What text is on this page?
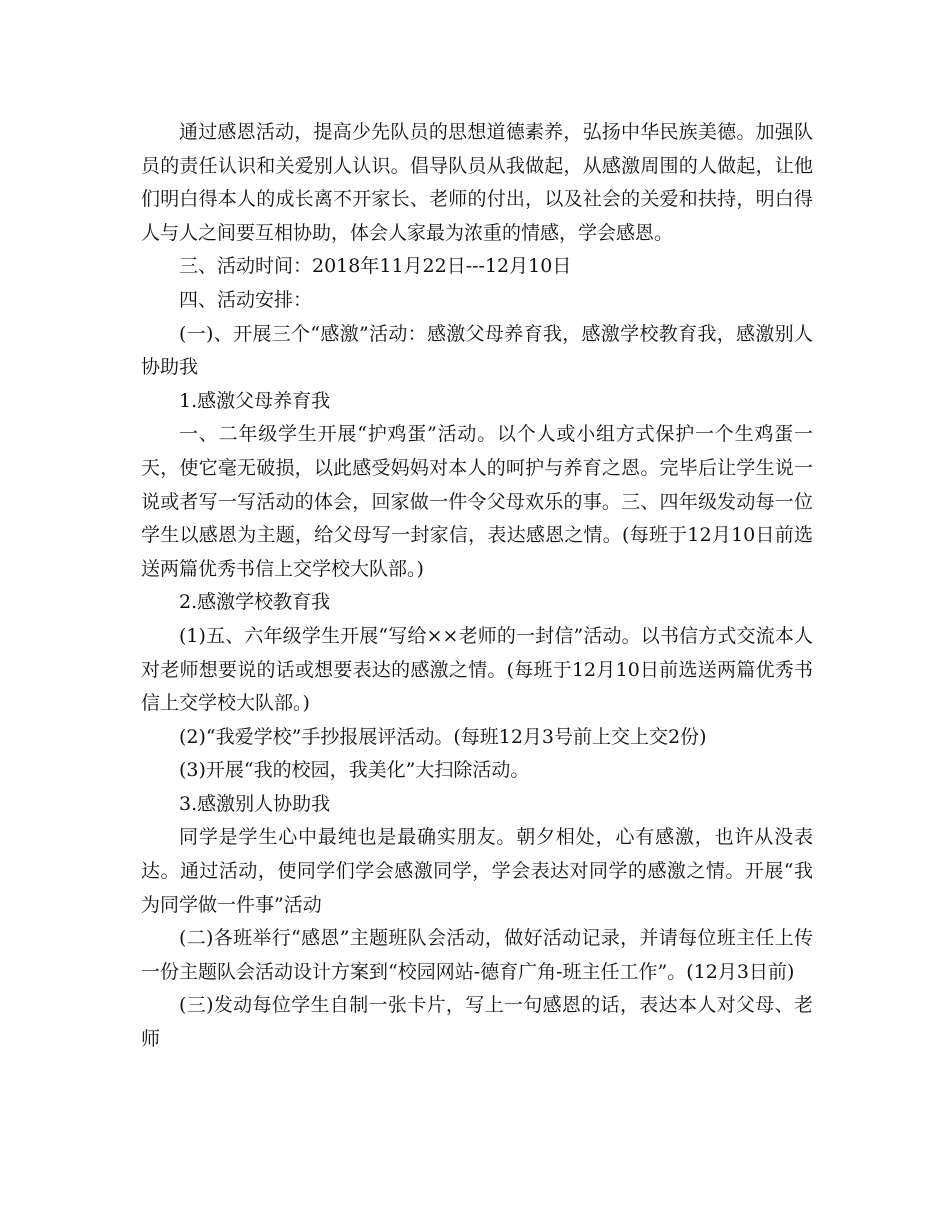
通过感恩活动，提高少先队员的思想道德素养，弘扬中华民族美德。加强队员的责任认识和关爱别人认识。倡导队员从我做起，从感激周围的人做起，让他们明白得本人的成长离不开家长、老师的付出，以及社会的关爱和扶持，明白得人与人之间要互相协助，体会人家最为浓重的情感，学会感恩。

三、活动时间：2018年11月22日---12月10日

四、活动安排：

(一)、开展三个“感激”活动：感激父母养育我，感激学校教育我，感激别人协助我

1.感激父母养育我

一、二年级学生开展“护鸡蛋”活动。以个人或小组方式保护一个生鸡蛋一天，使它毫无破损，以此感受妈妈对本人的呵护与养育之恩。完毕后让学生说一说或者写一写活动的体会，回家做一件令父母欢乐的事。三、四年级发动每一位学生以感恩为主题，给父母写一封家信，表达感恩之情。(每班于12月10日前选送两篇优秀书信上交学校大队部。)

2.感激学校教育我

(1)五、六年级学生开展“写给××老师的一封信”活动。以书信方式交流本人对老师想要说的话或想要表达的感激之情。(每班于12月10日前选送两篇优秀书信上交学校大队部。)

(2)“我爱学校”手抄报展评活动。(每班12月3号前上交上交2份)

(3)开展“我的校园，我美化”大扫除活动。

3.感激别人协助我

同学是学生心中最纯也是最确实朋友。朝夕相处，心有感激，也许从没表达。通过活动，使同学们学会感激同学，学会表达对同学的感激之情。开展“我为同学做一件事”活动

(二)各班举行“感恩”主题班队会活动，做好活动记录，并请每位班主任上传一份主题队会活动设计方案到“校园网站-德育广角-班主任工作”。(12月3日前)

(三)发动每位学生自制一张卡片，写上一句感恩的话，表达本人对父母、老师
